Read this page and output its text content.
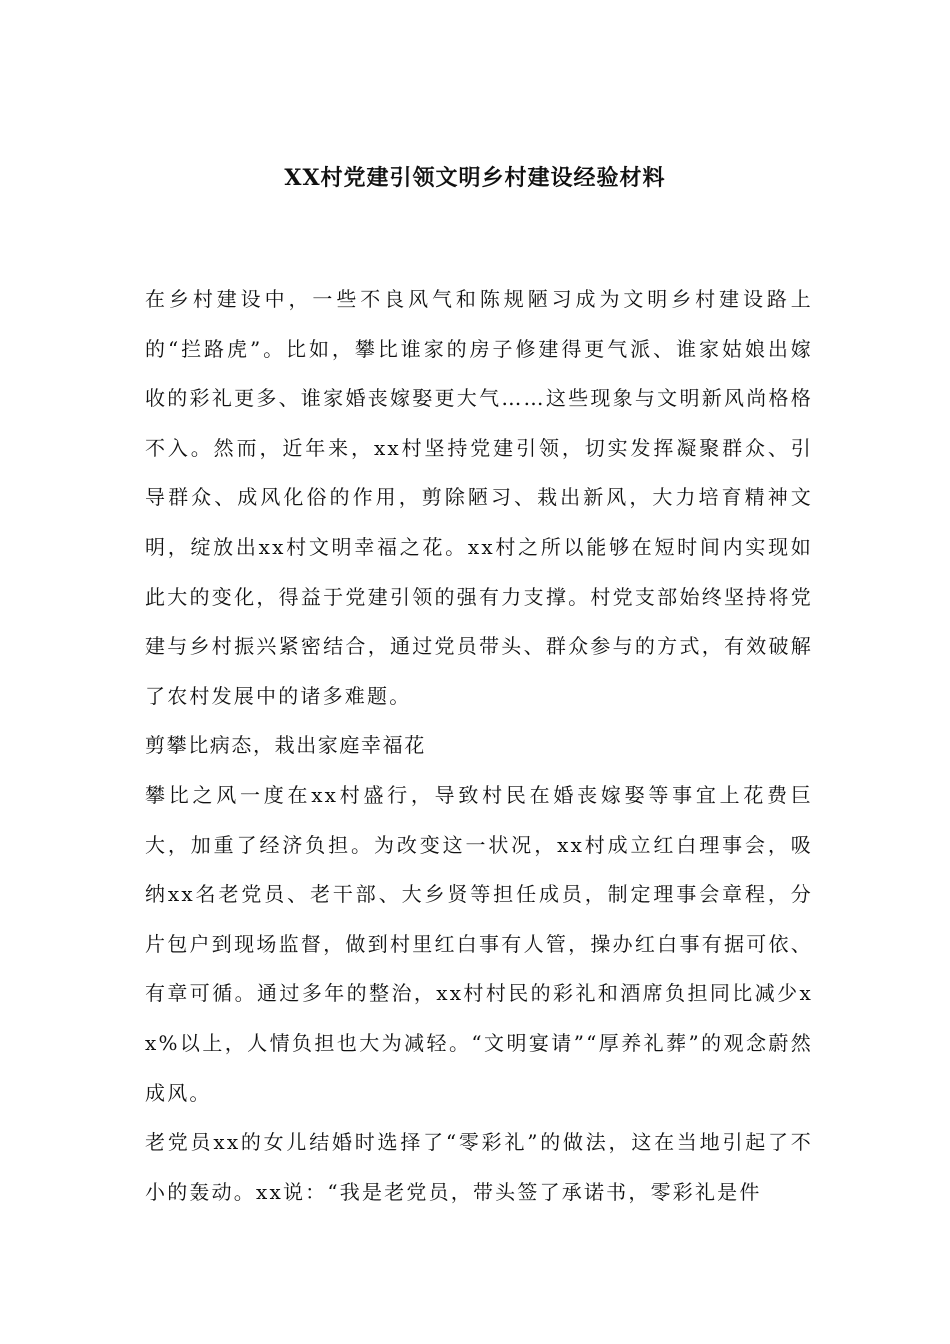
XX村党建引领文明乡村建设经验材料

在乡村建设中，一些不良风气和陈规陋习成为文明乡村建设路上的“拦路虎”。比如，攀比谁家的房子修建得更气派、谁家姑娘出嫁收的彩礼更多、谁家婚丧嫁娶更大气……这些现象与文明新风尚格格不入。然而，近年来，xx村坚持党建引领，切实发挥凝聚群众、引导群众、成风化俗的作用，剪除陋习、栽出新风，大力培育精神文明，绽放出xx村文明幸福之花。xx村之所以能够在短时间内实现如此大的变化，得益于党建引领的强有力支撑。村党支部始终坚持将党建与乡村振兴紧密结合，通过党员带头、群众参与的方式，有效破解了农村发展中的诸多难题。

剪攀比病态，栽出家庭幸福花

攀比之风一度在xx村盛行，导致村民在婚丧嫁娶等事宜上花费巨大，加重了经济负担。为改变这一状况，xx村成立红白理事会，吸纳xx名老党员、老干部、大乡贤等担任成员，制定理事会章程，分片包户到现场监督，做到村里红白事有人管，操办红白事有据可依、有章可循。通过多年的整治，xx村村民的彩礼和酒席负担同比减少xx%以上，人情负担也大为减轻。“文明宴请”“厚养礼葬”的观念蔚然成风。

老党员xx的女儿结婚时选择了“零彩礼”的做法，这在当地引起了不小的轰动。xx说：“我是老党员，带头签了承诺书，零彩礼是件
